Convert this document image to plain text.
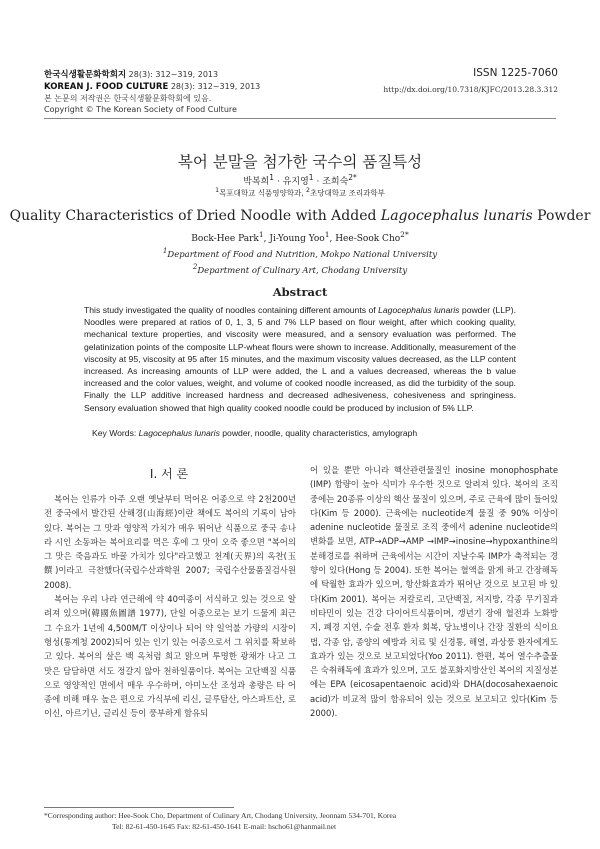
한국식생활문화학회지 28(3): 312~319, 2013
KOREAN J. FOOD CULTURE 28(3): 312~319, 2013
본 논문의 저작권은 한국식생활문화학회에 있음.
Copyright © The Korean Society of Food Culture
ISSN 1225-7060
http://dx.doi.org/10.7318/KJFC/2013.28.3.312
복어 분말을 첨가한 국수의 품질특성
박복희$^1$ · 유지영$^1$ · 조희숙$^{2*}$
$^1$목포대학교 식품영양학과, $^2$초당대학교 조리과학부
Quality Characteristics of Dried Noodle with Added Lagocephalus lunaris Powder
Bock-Hee Park$^1$, Ji-Young Yoo$^1$, Hee-Sook Cho$^{2*}$
$^1$Department of Food and Nutrition, Mokpo National University
$^2$Department of Culinary Art, Chodang University
Abstract
This study investigated the quality of noodles containing different amounts of Lagocephalus lunaris powder (LLP). Noodles were prepared at ratios of 0, 1, 3, 5 and 7% LLP based on flour weight, after which cooking quality, mechanical texture properties, and viscosity were measured, and a sensory evaluation was performed. The gelatinization points of the composite LLP-wheat flours were shown to increase. Additionally, measurement of the viscosity at 95, viscosity at 95 after 15 minutes, and the maximum viscosity values decreased, as the LLP content increased. As increasing amounts of LLP were added, the L and a values decreased, whereas the b value increased and the color values, weight, and volume of cooked noodle increased, as did the turbidity of the soup. Finally the LLP additive increased hardness and decreased adhesiveness, cohesiveness and springiness. Sensory evaluation showed that high quality cooked noodle could be produced by inclusion of 5% LLP.
Key Words: Lagocephalus lunaris powder, noodle, quality characteristics, amylograph
I. 서 론

복어는 인류가 아주 오랜 옛날부터 먹어온 어종으로 약 2천200년전 중국에서 발간된 산해경(山海經)이란 책에도 복어의 기록이 남아있다. 복어는 그 맛과 영양적 가치가 매우 뛰어난 식품으로 중국 송나라 시인 소동파는 복어요리를 먹은 후에 그 맛이 오죽 좋으면 "복어의 그 맛은 죽음과도 바꿀 가치가 있다"라고했고 천계(天界)의 옥찬(玉饌)이라고 극찬했다(국립수산과학원 2007; 국립수산물품질검사원 2008).

복어는 우리 나라 연근해에 약 40여종이 서식하고 있는 것으로 알려져 있으며(韓國魚圖譜 1977), 단일 어종으로는 보기 드물게 최근 그 수요가 1년에 4,500M/T 이상이나 되어 약 일억불 가량의 시장이 형성(통계청 2002)되어 있는 인기 있는 어종으로서 그 위치를 확보하고 있다. 복어의 살은 백 옥처럼 희고 맑으며 투명한 광채가 나고 그 맛은 담담하면 서도 정갈지 않아 천하일품이다. 복어는 고단백질 식품으로 영양적인 면에서 매우 우수하며, 아미노산 조성과 총량은 타 어종에 비해 매우 높은 편으로 가식부에 리신, 글루탐산, 아스파트산, 로이신, 아르기닌, 글리신 등이 풍부하게 함유되

어 있을 뿐만 아니라 핵산관련물질인 inosine monophosphate (IMP) 함량이 높아 식미가 우수한 것으로 알려져 있다. 복어의 조직 중에는 20종류 이상의 핵산 물질이 있으며, 주로 근육에 많이 들어있다(Kim 등 2000). 근육에는 nucleotide계 물질 중 90% 이상이 adenine nucleotide 물질로 조직 중에서 adenine nucleotide의 변화를 보면, ATP→ADP→AMP →IMP→inosine→hypoxanthine의 분해경로를 취하며 근육에서는 시간이 지날수록 IMP가 축적되는 경향이 있다(Hong 등 2004). 또한 복어는 혈액을 맑게 하고 간장해독에 탁월한 효과가 있으며, 항산화효과가 뛰어난 것으로 보고된 바 있다(Kim 2001). 복어는 저칼로리, 고단백질, 저지방, 각종 무기질과 비타민이 있는 건강 다이어트식품이며, 갱년기 장애 혈전과 노화방지, 폐경 지연, 수술 전후 환자 회복, 당뇨병이나 간장 질환의 식이요법, 각종 암, 종양의 예방과 치료 및 신경통, 해열, 과상풍 환자에게도 효과가 있는 것으로 보고되었다(Yoo 2011). 한편, 복어 열수추출물은 숙취해독에 효과가 있으며, 고도 불포화지방산인 복어의 지질성분에는 EPA (eicosapentaenoic acid)와 DHA(docosahexaenoic acid)가 비교적 많이 함유되어 있는 것으로 보고되고 있다(Kim 등 2000).

*Corresponding author: Hee-Sook Cho, Department of Culinary Art, Chodang University, Jeonnam 534-701, Korea
Tel: 82-61-450-1645 Fax: 82-61-450-1641 E-mail: hscho61@hanmail.net
